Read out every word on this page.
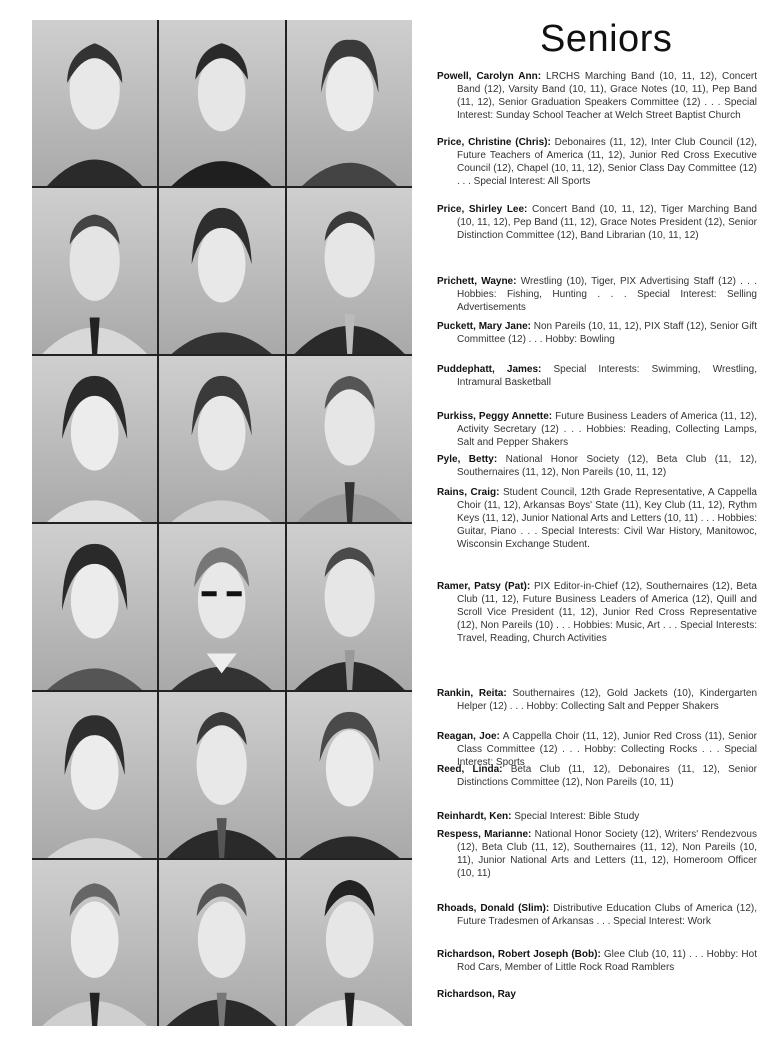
Seniors
Powell, Carolyn Ann: LRCHS Marching Band (10, 11, 12), Concert Band (12), Varsity Band (10, 11), Grace Notes (10, 11), Pep Band (11, 12), Senior Graduation Speakers Committee (12) . . . Special Interest: Sunday School Teacher at Welch Street Baptist Church
Price, Christine (Chris): Debonaires (11, 12), Inter Club Council (12), Future Teachers of America (11, 12), Junior Red Cross Executive Council (12), Chapel (10, 11, 12), Senior Class Day Committee (12) . . . Special Interest: All Sports
Price, Shirley Lee: Concert Band (10, 11, 12), Tiger Marching Band (10, 11, 12), Pep Band (11, 12), Grace Notes President (12), Senior Distinction Committee (12), Band Librarian (10, 11, 12)
Prichett, Wayne: Wrestling (10), Tiger, PIX Advertising Staff (12) . . . Hobbies: Fishing, Hunting . . . Special Interest: Selling Advertisements
Puckett, Mary Jane: Non Pareils (10, 11, 12), PIX Staff (12), Senior Gift Committee (12) . . . Hobby: Bowling
Puddephatt, James: Special Interests: Swimming, Wrestling, Intramural Basketball
Purkiss, Peggy Annette: Future Business Leaders of America (11, 12), Activity Secretary (12) . . . Hobbies: Reading, Collecting Lamps, Salt and Pepper Shakers
Pyle, Betty: National Honor Society (12), Beta Club (11, 12), Southernaires (11, 12), Non Pareils (10, 11, 12)
Rains, Craig: Student Council, 12th Grade Representative, A Cappella Choir (11, 12), Arkansas Boys' State (11), Key Club (11, 12), Rythm Keys (11, 12), Junior National Arts and Letters (10, 11) . . . Hobbies: Guitar, Piano . . . Special Interests: Civil War History, Manitowoc, Wisconsin Exchange Student.
Ramer, Patsy (Pat): PIX Editor-in-Chief (12), Southernaires (12), Beta Club (11, 12), Future Business Leaders of America (12), Quill and Scroll Vice President (11, 12), Junior Red Cross Representative (12), Non Pareils (10) . . . Hobbies: Music, Art . . . Special Interests: Travel, Reading, Church Activities
Rankin, Reita: Southernaires (12), Gold Jackets (10), Kindergarten Helper (12) . . . Hobby: Collecting Salt and Pepper Shakers
Reagan, Joe: A Cappella Choir (11, 12), Junior Red Cross (11), Senior Class Committee (12) . . . Hobby: Collecting Rocks . . . Special Interest: Sports
Reed, Linda: Beta Club (11, 12), Debonaires (11, 12), Senior Distinctions Committee (12), Non Pareils (10, 11)
Reinhardt, Ken: Special Interest: Bible Study
Respess, Marianne: National Honor Society (12), Writers' Rendezvous (12), Beta Club (11, 12), Southernaires (11, 12), Non Pareils (10, 11), Junior National Arts and Letters (11, 12), Homeroom Officer (10, 11)
Rhoads, Donald (Slim): Distributive Education Clubs of America (12), Future Tradesmen of Arkansas . . . Special Interest: Work
Richardson, Robert Joseph (Bob): Glee Club (10, 11) . . . Hobby: Hot Rod Cars, Member of Little Rock Road Ramblers
Richardson, Ray
